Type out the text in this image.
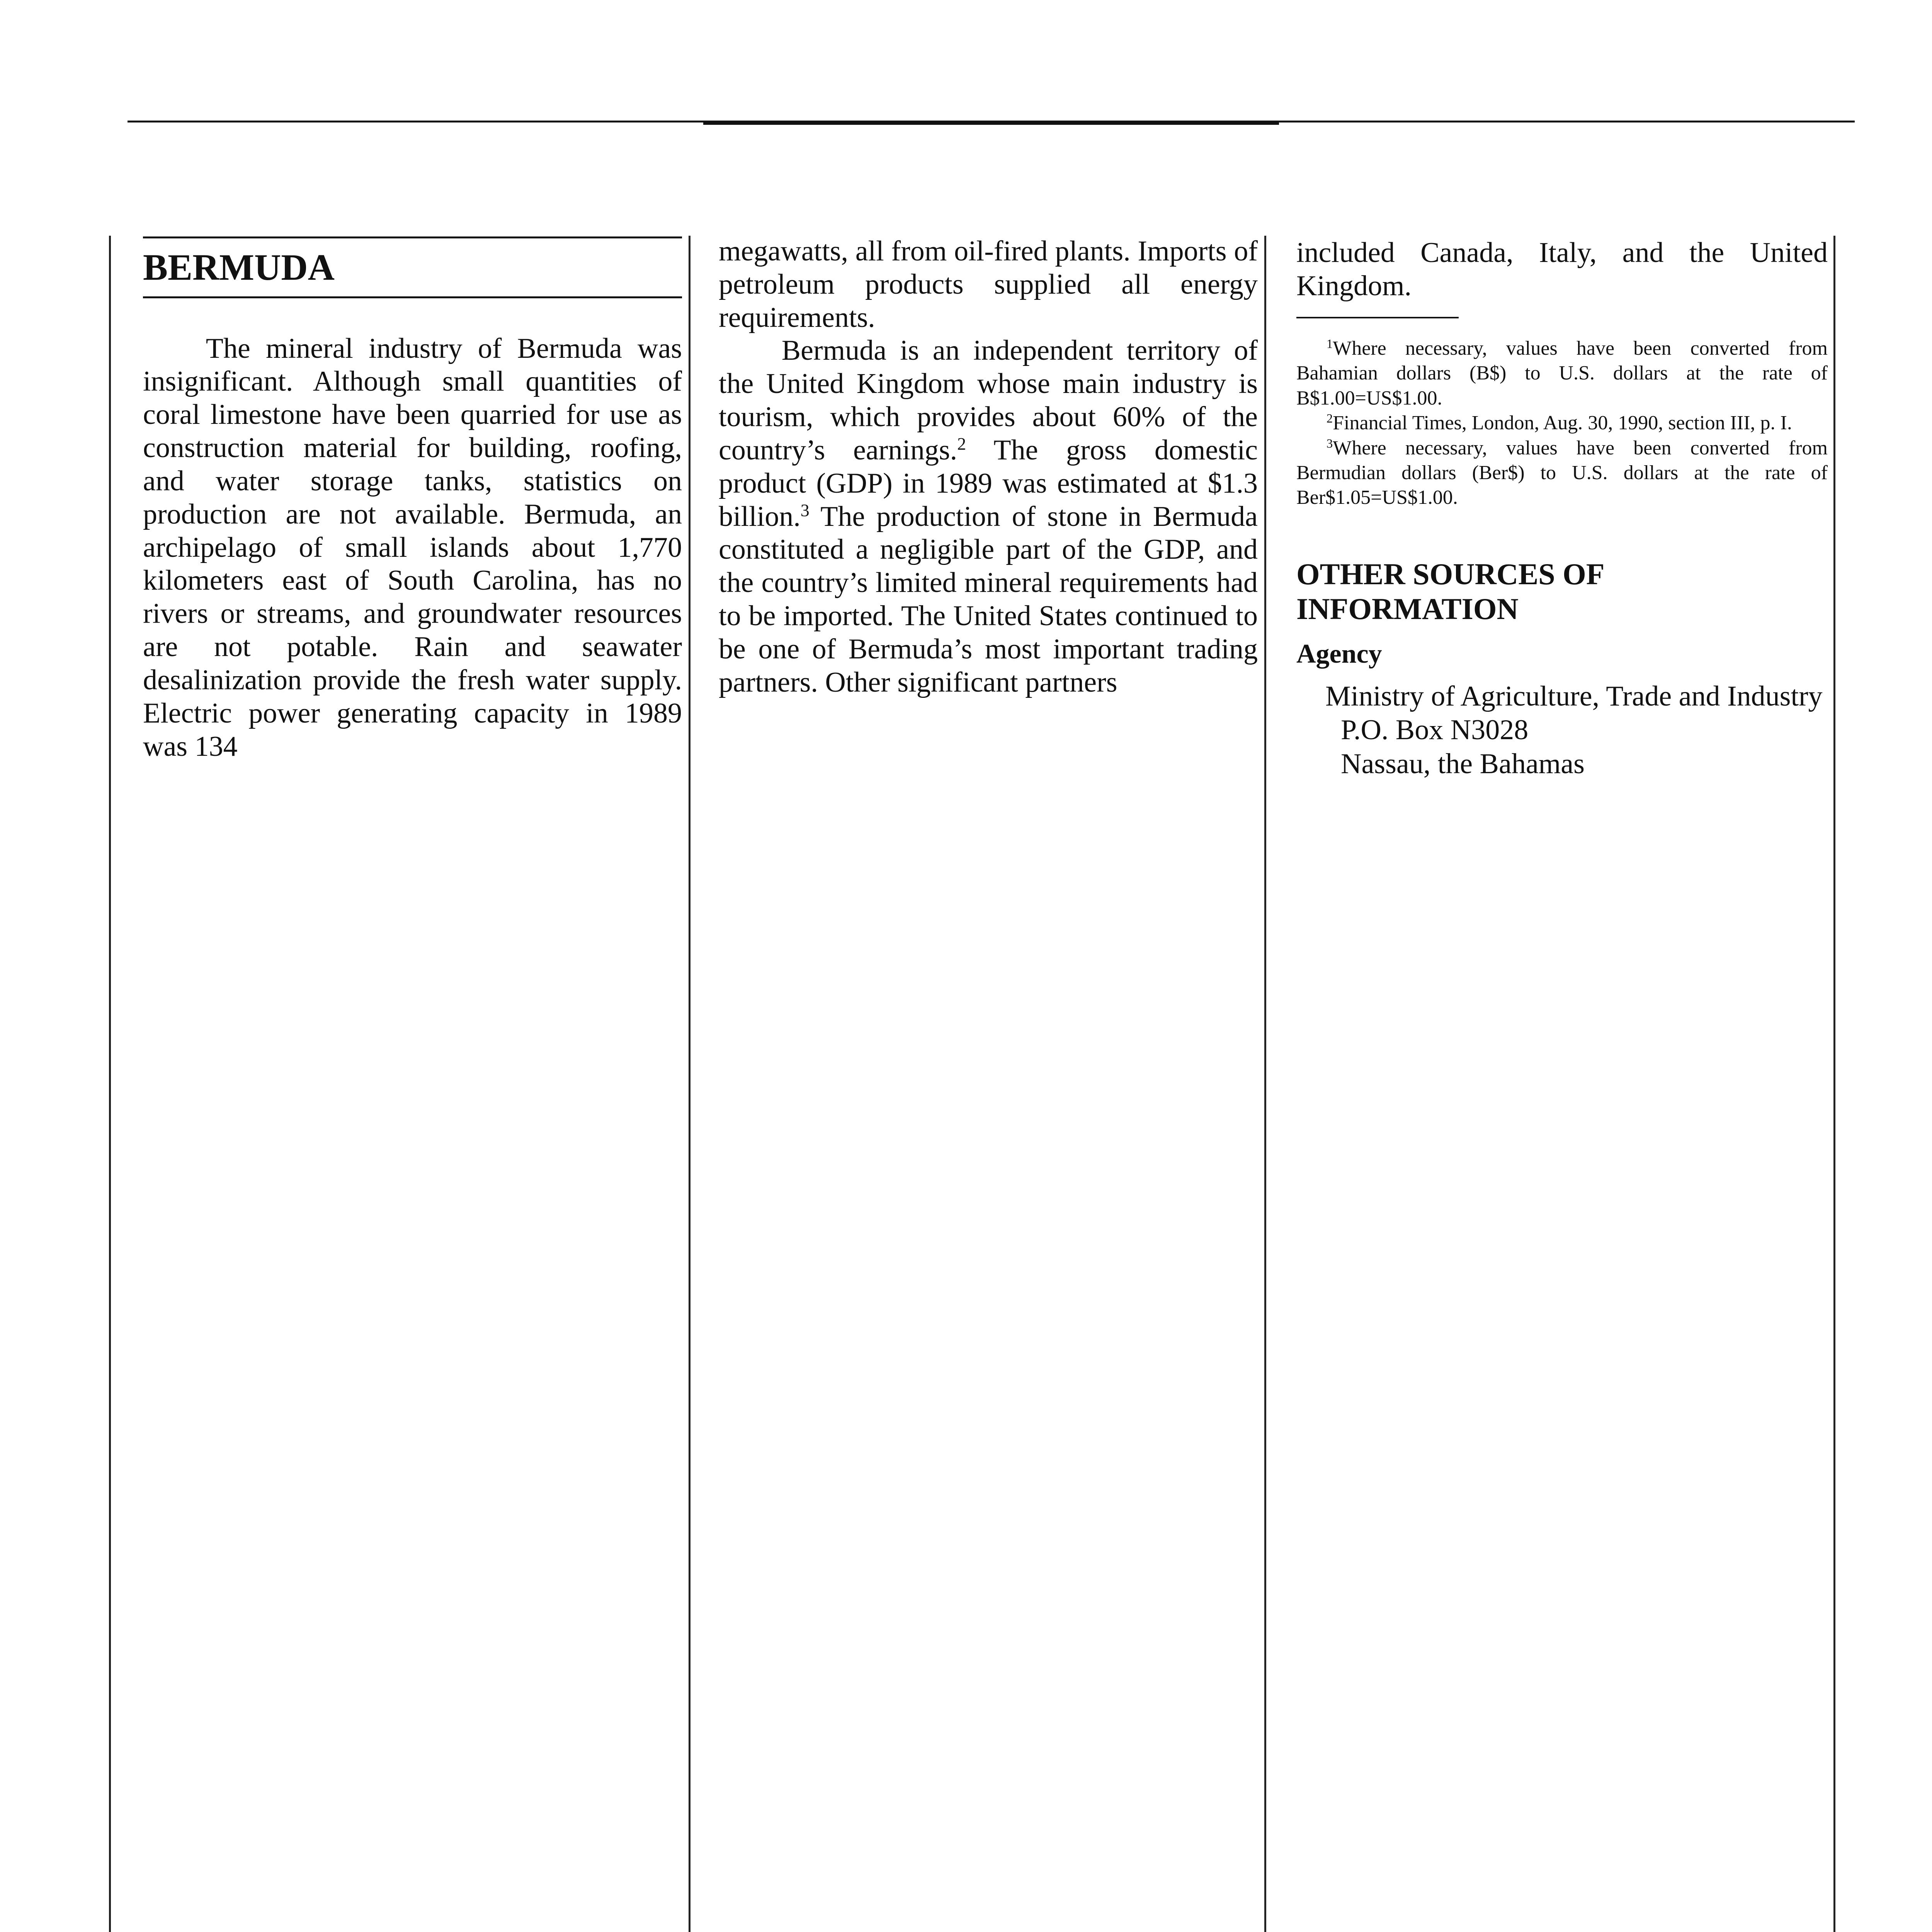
BERMUDA

The mineral industry of Bermuda was insignificant. Although small quantities of coral limestone have been quarried for use as construction material for building, roofing, and water storage tanks, statistics on production are not available. Bermuda, an archipelago of small islands about 1,770 kilometers east of South Carolina, has no rivers or streams, and groundwater resources are not potable. Rain and seawater desalinization provide the fresh water supply. Electric power generating capacity in 1989 was 134

megawatts, all from oil-fired plants. Imports of petroleum products supplied all energy requirements.

Bermuda is an independent territory of the United Kingdom whose main industry is tourism, which provides about 60% of the country’s earnings.$^2$ The gross domestic product (GDP) in 1989 was estimated at $1.3 billion.$^3$ The production of stone in Bermuda constituted a negligible part of the GDP, and the country’s limited mineral requirements had to be imported. The United States continued to be one of Bermuda’s most important trading partners. Other significant partners

included Canada, Italy, and the United Kingdom.

$^1$Where necessary, values have been converted from Bahamian dollars (B$) to U.S. dollars at the rate of B$1.00=US$1.00.

$^2$Financial Times, London, Aug. 30, 1990, section III, p. I.

$^3$Where necessary, values have been converted from Bermudian dollars (Ber$) to U.S. dollars at the rate of Ber$1.05=US$1.00.

OTHER SOURCES OF INFORMATION
Agency
Ministry of Agriculture, Trade and Industry
P.O. Box N3028
Nassau, the Bahamas
